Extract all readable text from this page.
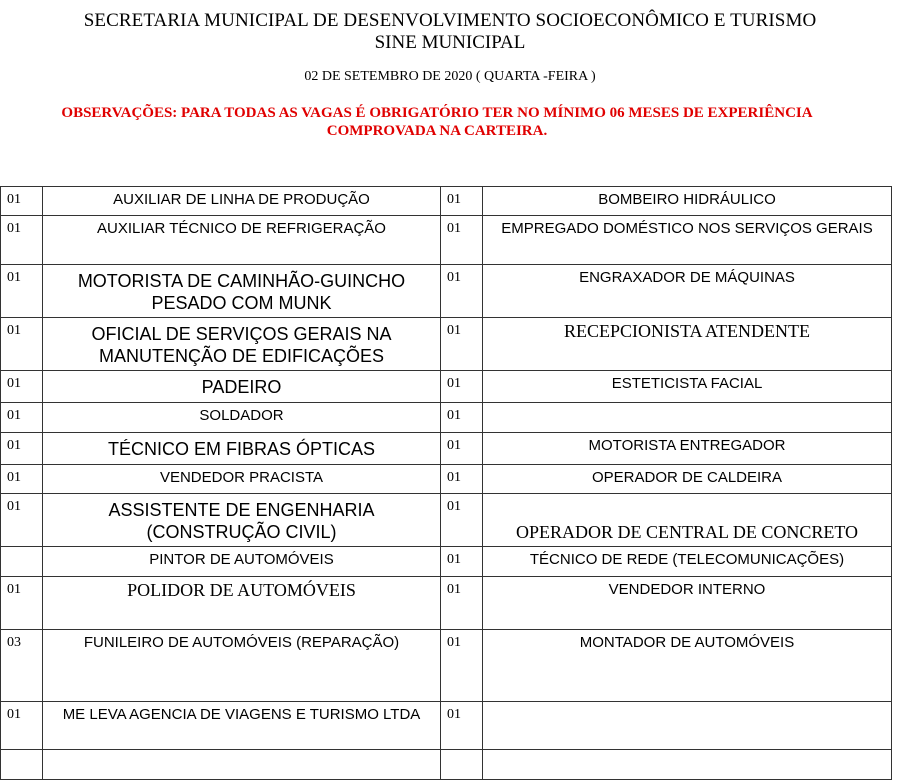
SECRETARIA MUNICIPAL DE DESENVOLVIMENTO SOCIOECONÔMICO E TURISMO
SINE MUNICIPAL
02 DE SETEMBRO DE 2020 ( QUARTA -FEIRA )
OBSERVAÇÕES: PARA TODAS AS VAGAS É OBRIGATÓRIO TER NO MÍNIMO 06 MESES DE EXPERIÊNCIA COMPROVADA NA CARTEIRA.
01	AUXILIAR DE LINHA DE PRODUÇÃO	01	BOMBEIRO HIDRÁULICO
01	AUXILIAR TÉCNICO DE REFRIGERAÇÃO	01	EMPREGADO DOMÉSTICO NOS SERVIÇOS GERAIS
01	MOTORISTA DE CAMINHÃO-GUINCHO PESADO COM MUNK	01	ENGRAXADOR DE MÁQUINAS
01	OFICIAL DE SERVIÇOS GERAIS NA MANUTENÇÃO DE EDIFICAÇÕES	01	RECEPCIONISTA ATENDENTE
01	PADEIRO	01	ESTETICISTA FACIAL
01	SOLDADOR	01	
01	TÉCNICO EM FIBRAS ÓPTICAS	01	MOTORISTA ENTREGADOR
01	VENDEDOR PRACISTA	01	OPERADOR DE CALDEIRA
01	ASSISTENTE DE ENGENHARIA (CONSTRUÇÃO CIVIL)	01	OPERADOR DE CENTRAL DE CONCRETO
	PINTOR DE AUTOMÓVEIS	01	TÉCNICO DE REDE (TELECOMUNICAÇÕES)
01	POLIDOR DE AUTOMÓVEIS	01	VENDEDOR INTERNO
03	FUNILEIRO DE AUTOMÓVEIS (REPARAÇÃO)	01	MONTADOR DE AUTOMÓVEIS
01	ME LEVA AGENCIA DE VIAGENS E TURISMO LTDA	01	
